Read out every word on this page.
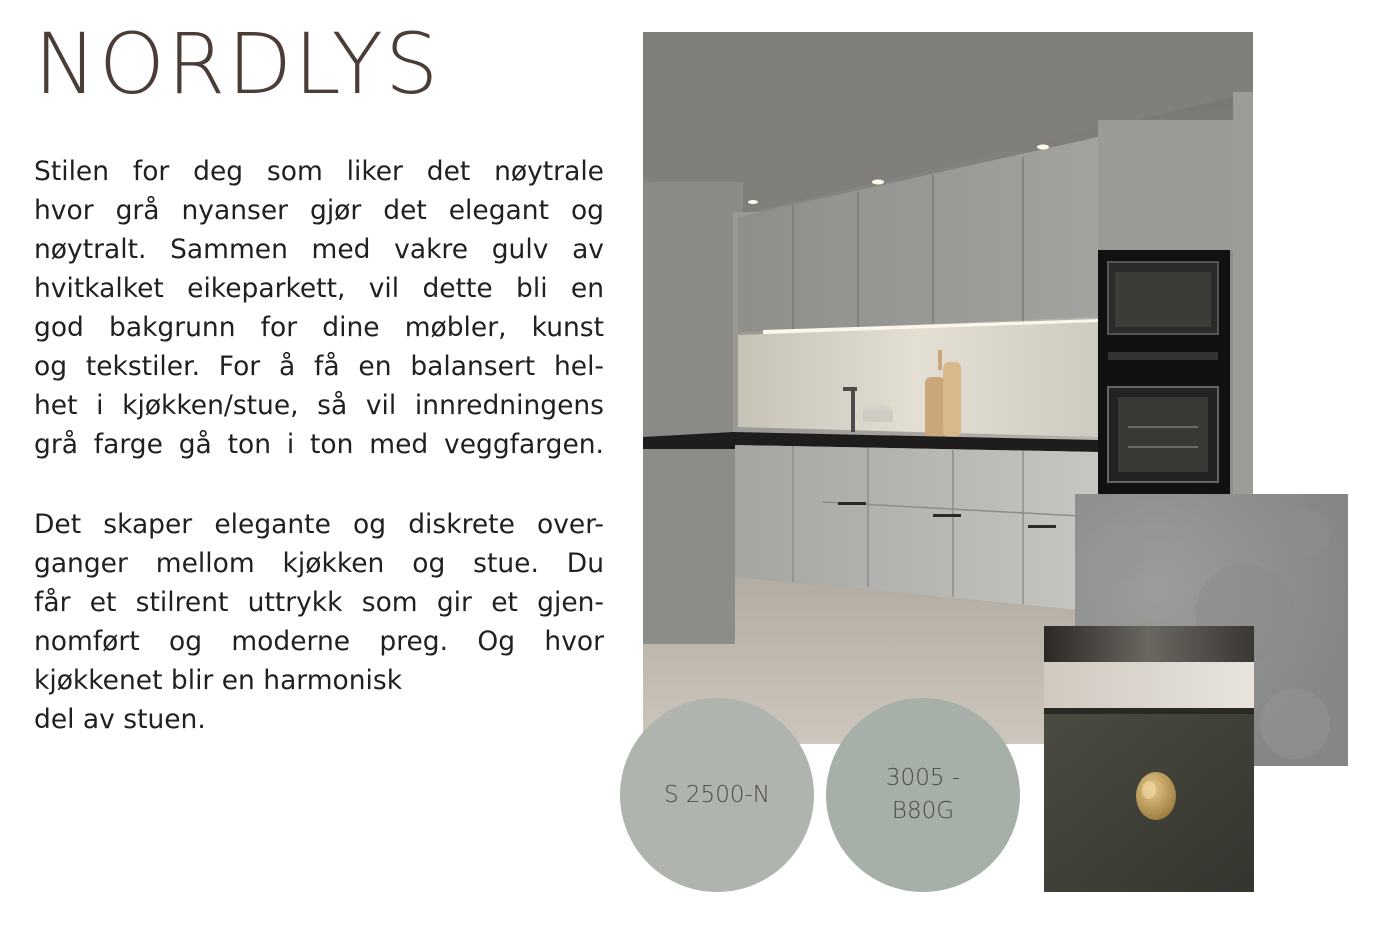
NORDLYS
Stilen for deg som liker det nøytrale
hvor grå nyanser gjør det elegant og
nøytralt. Sammen med vakre gulv av
hvitkalket eikeparkett, vil dette bli en
god bakgrunn for dine møbler, kunst
og tekstiler. For å få en balansert hel-
het i kjøkken/stue, så vil innredningens
grå farge gå ton i ton med veggfargen.
Det skaper elegante og diskrete over-
ganger mellom kjøkken og stue. Du
får et stilrent uttrykk som gir et gjen-
nomført og moderne preg. Og hvor
kjøkkenet blir en harmonisk
del av stuen.
S 2500-N
3005 - B80G
